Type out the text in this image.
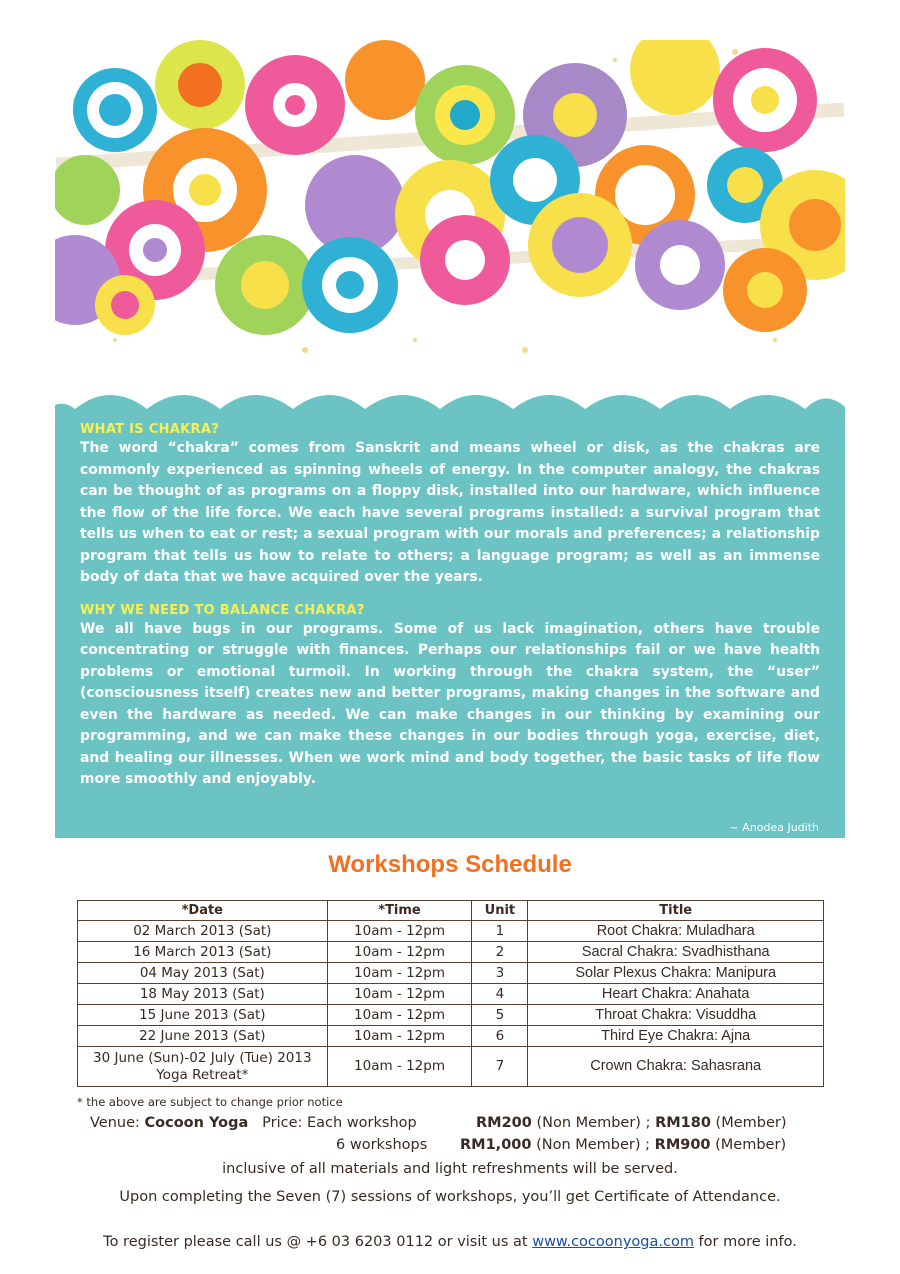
WHAT IS CHAKRA?

The word “chakra” comes from Sanskrit and means wheel or disk, as the chakras are commonly experienced as spinning wheels of energy. In the computer analogy, the chakras can be thought of as programs on a floppy disk, installed into our hardware, which influence the flow of the life force. We each have several programs installed: a survival program that tells us when to eat or rest; a sexual program with our morals and preferences; a relationship program that tells us how to relate to others; a language program; as well as an immense body of data that we have acquired over the years.

WHY WE NEED TO BALANCE CHAKRA?

We all have bugs in our programs. Some of us lack imagination, others have trouble concentrating or struggle with finances. Perhaps our relationships fail or we have health problems or emotional turmoil. In working through the chakra system, the “user” (consciousness itself) creates new and better programs, making changes in the software and even the hardware as needed. We can make changes in our thinking by examining our programming, and we can make these changes in our bodies through yoga, exercise, diet, and healing our illnesses. When we work mind and body together, the basic tasks of life flow more smoothly and enjoyably.

~ Anodea Judith
Workshops Schedule
*Date	*Time	Unit	Title
02 March 2013 (Sat)	10am - 12pm	1	Root Chakra: Muladhara
16 March 2013 (Sat)	10am - 12pm	2	Sacral Chakra: Svadhisthana
04 May 2013 (Sat)	10am - 12pm	3	Solar Plexus Chakra: Manipura
18 May 2013 (Sat)	10am - 12pm	4	Heart Chakra: Anahata
15 June 2013 (Sat)	10am - 12pm	5	Throat Chakra: Visuddha
22 June 2013 (Sat)	10am - 12pm	6	Third Eye Chakra: Ajna

30 June (Sun)-02 July (Tue) 2013
Yoga Retreat*	10am - 12pm	7	Crown Chakra: Sahasrana
* the above are subject to change prior notice
Venue: Cocoon Yoga Price: Each workshop	RM200 (Non Member) ; RM180 (Member)
6 workshops RM1,000 (Non Member) ; RM900 (Member)
inclusive of all materials and light refreshments will be served.
Upon completing the Seven (7) sessions of workshops, you’ll get Certificate of Attendance.
To register please call us @ +6 03 6203 0112 or visit us at www.cocoonyoga.com for more info.
